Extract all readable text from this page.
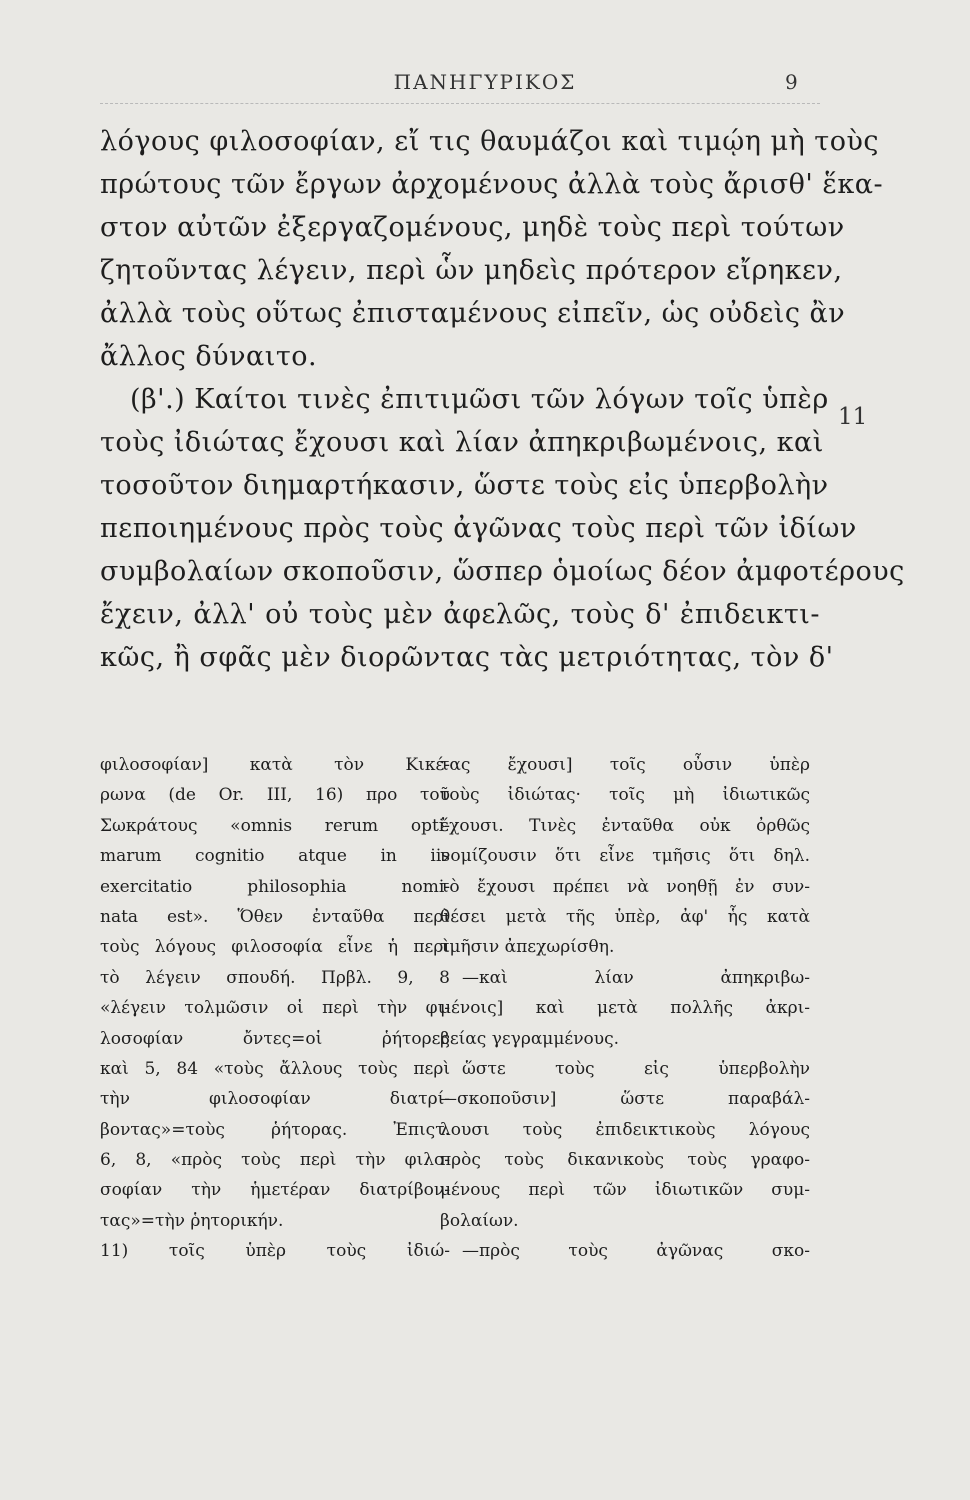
ΠΑΝΗΓΥΡΙΚΟΣ	9
λόγους φιλοσοφίαν, εἴ τις θαυμάζοι καὶ τιμῴη μὴ τοὺς
πρώτους τῶν ἔργων ἀρχομένους ἀλλὰ τοὺς ἄρισθ' ἕκα-
στον αὐτῶν ἐξεργαζομένους, μηδὲ τοὺς περὶ τούτων
ζητοῦντας λέγειν, περὶ ὧν μηδεὶς πρότερον εἴρηκεν,
ἀλλὰ τοὺς οὕτως ἐπισταμένους εἰπεῖν, ὡς οὐδεὶς ἂν
ἄλλος δύναιτο.
(β'.) Καίτοι τινὲς ἐπιτιμῶσι τῶν λόγων τοῖς ὑπὲρ
τοὺς ἰδιώτας ἔχουσι καὶ λίαν ἀπηκριβωμένοις, καὶ
τοσοῦτον διημαρτήκασιν, ὥστε τοὺς εἰς ὑπερβολὴν
πεποιημένους πρὸς τοὺς ἀγῶνας τοὺς περὶ τῶν ἰδίων
συμβολαίων σκοποῦσιν, ὥσπερ ὁμοίως δέον ἀμφοτέρους
ἔχειν, ἀλλ' οὐ τοὺς μὲν ἀφελῶς, τοὺς δ' ἐπιδεικτι-
κῶς, ἢ σφᾶς μὲν διορῶντας τὰς μετριότητας, τὸν δ'
11
φιλοσοφίαν] κατὰ τὸν Κικέ-
ρωνα (de Or. III, 16) προ τοῦ
Σωκράτους «omnis rerum opti-
marum cognitio atque in iis
exercitatio philosophia nomi-
nata est». Ὅθεν ἐνταῦθα περὶ
τοὺς λόγους φιλοσοφία εἶνε ἡ περὶ
τὸ λέγειν σπουδή. Πρβλ. 9, 8
«λέγειν τολμῶσιν οἱ περὶ τὴν φι-
λοσοφίαν ὄντες=οἱ ῥήτορες
καὶ 5, 84 «τοὺς ἄλλους τοὺς περὶ
τὴν φιλοσοφίαν διατρί-
βοντας»=τοὺς ῥήτορας. Ἐπιςτ.
6, 8, «πρὸς τοὺς περὶ τὴν φιλο-
σοφίαν τὴν ἡμετέραν διατρίβον-
τας»=τὴν ῥητορικήν.
11) τοῖς ὑπὲρ τοὺς ἰδιώ-
τας ἔχουσι] τοῖς οὖσιν ὑπὲρ
τοὺς ἰδιώτας· τοῖς μὴ ἰδιωτικῶς
ἔχουσι. Τινὲς ἐνταῦθα οὐκ ὀρθῶς
νομίζουσιν ὅτι εἶνε τμῆσις ὅτι δηλ.
τὸ ἔχουσι πρέπει νὰ νοηθῇ ἐν συν-
θέσει μετὰ τῆς ὑπὲρ, ἀφ' ἧς κατὰ
τμῆσιν ἀπεχωρίσθη.
—καὶ λίαν ἀπηκριβω-
μένοις] καὶ μετὰ πολλῆς ἀκρι-
βείας γεγραμμένους.
ὥστε τοὺς εἰς ὑπερβολὴν
—σκοποῦσιν] ὥστε παραβάλ-
λουσι τοὺς ἐπιδεικτικοὺς λόγους
πρὸς τοὺς δικανικοὺς τοὺς γραφο-
μένους περὶ τῶν ἰδιωτικῶν συμ-
βολαίων.
—πρὸς τοὺς ἀγῶνας σκο-
